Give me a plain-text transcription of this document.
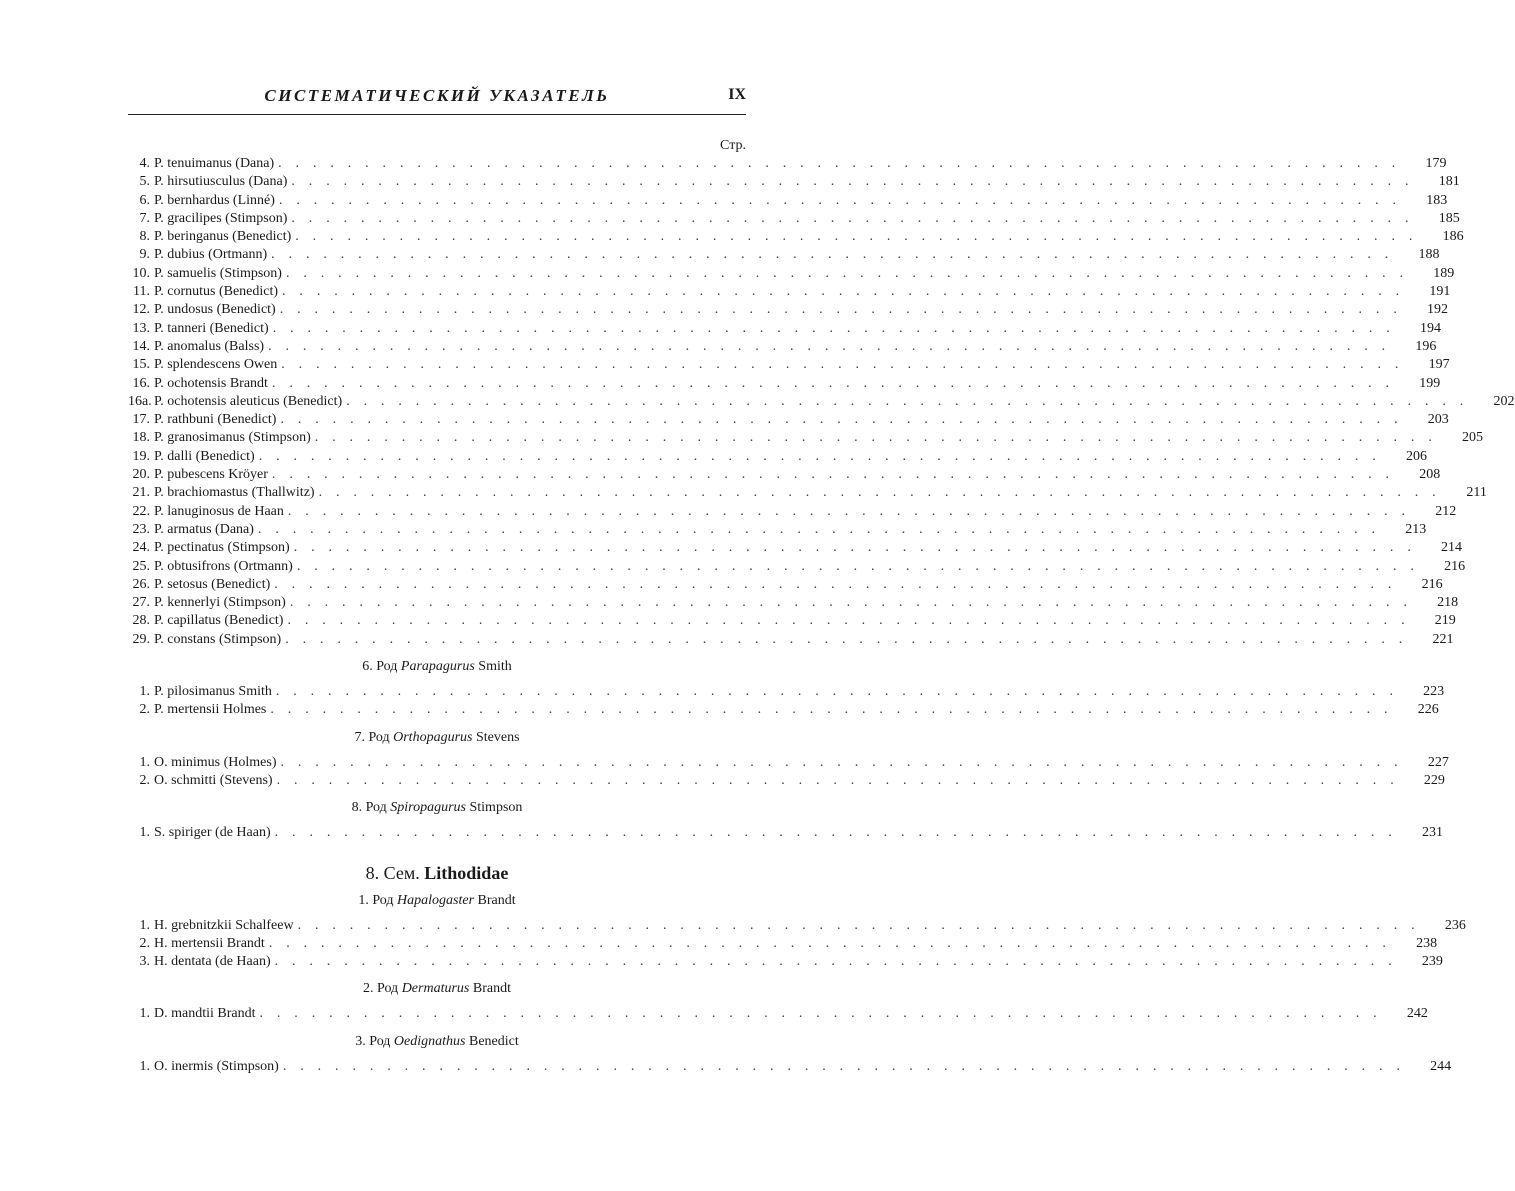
СИСТЕМАТИЧЕСКИЙ УКАЗАТЕЛЬ	IX
Стр.
4. P. tenuimanus (Dana) . . . . . . . . . . . . . . . . . . . . . . . . . . . . . . . . . . . . . . . . . . . . . . . . . . . . . . . . . . . . . . . . .	179
5. P. hirsutiusculus (Dana) . . . . . . . . . . . . . . . . . . . . . . . . . . . . . . . . . . . . . . . . . . . . . . . . . . . . . . . . . . . . . . . . .	181
6. P. bernhardus (Linné) . . . . . . . . . . . . . . . . . . . . . . . . . . . . . . . . . . . . . . . . . . . . . . . . . . . . . . . . . . . . . . . . .	183
7. P. gracilipes (Stimpson) . . . . . . . . . . . . . . . . . . . . . . . . . . . . . . . . . . . . . . . . . . . . . . . . . . . . . . . . . . . . . . . . .	185
8. P. beringanus (Benedict) . . . . . . . . . . . . . . . . . . . . . . . . . . . . . . . . . . . . . . . . . . . . . . . . . . . . . . . . . . . . . . . . .	186
9. P. dubius (Ortmann) . . . . . . . . . . . . . . . . . . . . . . . . . . . . . . . . . . . . . . . . . . . . . . . . . . . . . . . . . . . . . . . . .	188
10. P. samuelis (Stimpson) . . . . . . . . . . . . . . . . . . . . . . . . . . . . . . . . . . . . . . . . . . . . . . . . . . . . . . . . . . . . . . . . .	189
11. P. cornutus (Benedict) . . . . . . . . . . . . . . . . . . . . . . . . . . . . . . . . . . . . . . . . . . . . . . . . . . . . . . . . . . . . . . . . .	191
12. P. undosus (Benedict) . . . . . . . . . . . . . . . . . . . . . . . . . . . . . . . . . . . . . . . . . . . . . . . . . . . . . . . . . . . . . . . . .	192
13. P. tanneri (Benedict) . . . . . . . . . . . . . . . . . . . . . . . . . . . . . . . . . . . . . . . . . . . . . . . . . . . . . . . . . . . . . . . . .	194
14. P. anomalus (Balss) . . . . . . . . . . . . . . . . . . . . . . . . . . . . . . . . . . . . . . . . . . . . . . . . . . . . . . . . . . . . . . . . .	196
15. P. splendescens Owen . . . . . . . . . . . . . . . . . . . . . . . . . . . . . . . . . . . . . . . . . . . . . . . . . . . . . . . . . . . . . . . . .	197
16. P. ochotensis Brandt . . . . . . . . . . . . . . . . . . . . . . . . . . . . . . . . . . . . . . . . . . . . . . . . . . . . . . . . . . . . . . . . .	199
16a. P. ochotensis aleuticus (Benedict) . . . . . . . . . . . . . . . . . . . . . . . . . . . . . . . . . . . . . . . . . . . . . . . . . . . . . . . . . . . . . . . . .	202
17. P. rathbuni (Benedict) . . . . . . . . . . . . . . . . . . . . . . . . . . . . . . . . . . . . . . . . . . . . . . . . . . . . . . . . . . . . . . . . .	203
18. P. granosimanus (Stimpson) . . . . . . . . . . . . . . . . . . . . . . . . . . . . . . . . . . . . . . . . . . . . . . . . . . . . . . . . . . . . . . . . .	205
19. P. dalli (Benedict) . . . . . . . . . . . . . . . . . . . . . . . . . . . . . . . . . . . . . . . . . . . . . . . . . . . . . . . . . . . . . . . . .	206
20. P. pubescens Kröyer . . . . . . . . . . . . . . . . . . . . . . . . . . . . . . . . . . . . . . . . . . . . . . . . . . . . . . . . . . . . . . . . .	208
21. P. brachiomastus (Thallwitz) . . . . . . . . . . . . . . . . . . . . . . . . . . . . . . . . . . . . . . . . . . . . . . . . . . . . . . . . . . . . . . . . .	211
22. P. lanuginosus de Haan . . . . . . . . . . . . . . . . . . . . . . . . . . . . . . . . . . . . . . . . . . . . . . . . . . . . . . . . . . . . . . . . .	212
23. P. armatus (Dana) . . . . . . . . . . . . . . . . . . . . . . . . . . . . . . . . . . . . . . . . . . . . . . . . . . . . . . . . . . . . . . . . .	213
24. P. pectinatus (Stimpson) . . . . . . . . . . . . . . . . . . . . . . . . . . . . . . . . . . . . . . . . . . . . . . . . . . . . . . . . . . . . . . . . .	214
25. P. obtusifrons (Ortmann) . . . . . . . . . . . . . . . . . . . . . . . . . . . . . . . . . . . . . . . . . . . . . . . . . . . . . . . . . . . . . . . . .	216
26. P. setosus (Benedict) . . . . . . . . . . . . . . . . . . . . . . . . . . . . . . . . . . . . . . . . . . . . . . . . . . . . . . . . . . . . . . . . .	216
27. P. kennerlyi (Stimpson) . . . . . . . . . . . . . . . . . . . . . . . . . . . . . . . . . . . . . . . . . . . . . . . . . . . . . . . . . . . . . . . . .	218
28. P. capillatus (Benedict) . . . . . . . . . . . . . . . . . . . . . . . . . . . . . . . . . . . . . . . . . . . . . . . . . . . . . . . . . . . . . . . . .	219
29. P. constans (Stimpson) . . . . . . . . . . . . . . . . . . . . . . . . . . . . . . . . . . . . . . . . . . . . . . . . . . . . . . . . . . . . . . . . .	221
6. Род Parapagurus Smith
1. P. pilosimanus Smith . . . . . . . . . . . . . . . . . . . . . . . . . . . . . . . . . . . . . . . . . . . . . . . . . . . . . . . . . . . . . . . . .	223
2. P. mertensii Holmes . . . . . . . . . . . . . . . . . . . . . . . . . . . . . . . . . . . . . . . . . . . . . . . . . . . . . . . . . . . . . . . . .	226
7. Род Orthopagurus Stevens
1. O. minimus (Holmes) . . . . . . . . . . . . . . . . . . . . . . . . . . . . . . . . . . . . . . . . . . . . . . . . . . . . . . . . . . . . . . . . .	227
2. O. schmitti (Stevens) . . . . . . . . . . . . . . . . . . . . . . . . . . . . . . . . . . . . . . . . . . . . . . . . . . . . . . . . . . . . . . . . .	229
8. Род Spiropagurus Stimpson
1. S. spiriger (de Haan) . . . . . . . . . . . . . . . . . . . . . . . . . . . . . . . . . . . . . . . . . . . . . . . . . . . . . . . . . . . . . . . . .	231
8. Сем. Lithodidae
1. Род Hapalogaster Brandt
1. H. grebnitzkii Schalfeew . . . . . . . . . . . . . . . . . . . . . . . . . . . . . . . . . . . . . . . . . . . . . . . . . . . . . . . . . . . . . . . . .	236
2. H. mertensii Brandt . . . . . . . . . . . . . . . . . . . . . . . . . . . . . . . . . . . . . . . . . . . . . . . . . . . . . . . . . . . . . . . . .	238
3. H. dentata (de Haan) . . . . . . . . . . . . . . . . . . . . . . . . . . . . . . . . . . . . . . . . . . . . . . . . . . . . . . . . . . . . . . . . .	239
2. Род Dermaturus Brandt
1. D. mandtii Brandt . . . . . . . . . . . . . . . . . . . . . . . . . . . . . . . . . . . . . . . . . . . . . . . . . . . . . . . . . . . . . . . . .	242
3. Род Oedignathus Benedict
1. O. inermis (Stimpson) . . . . . . . . . . . . . . . . . . . . . . . . . . . . . . . . . . . . . . . . . . . . . . . . . . . . . . . . . . . . . . . . .	244
